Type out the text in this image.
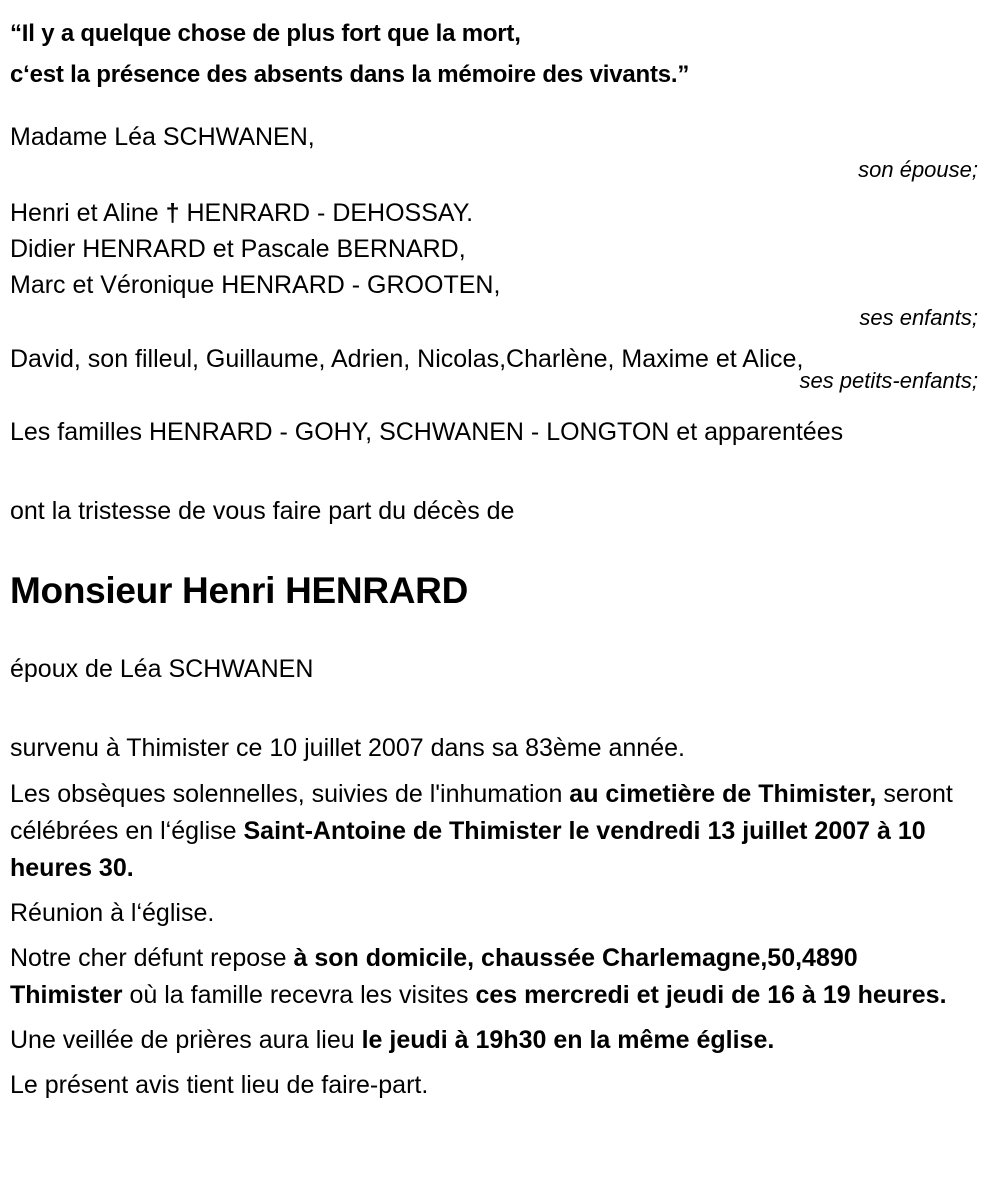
“Il y a quelque chose de plus fort que la mort,
c‘est la présence des absents dans la mémoire des vivants.”
Madame Léa SCHWANEN,
son épouse;
Henri et Aline † HENRARD - DEHOSSAY.
Didier HENRARD et Pascale BERNARD,
Marc et Véronique HENRARD - GROOTEN,
ses enfants;
David, son filleul, Guillaume, Adrien, Nicolas,Charlène, Maxime et Alice,
ses petits-enfants;
Les familles HENRARD - GOHY, SCHWANEN - LONGTON et apparentées
ont la tristesse de vous faire part du décès de
Monsieur Henri HENRARD
époux de Léa SCHWANEN

survenu à Thimister ce 10 juillet 2007 dans sa 83ème année.

Les obsèques solennelles, suivies de l'inhumation au cimetière de Thimister, seront célébrées en l‘église Saint-Antoine de Thimister le vendredi 13 juillet 2007 à 10 heures 30.

Réunion à l‘église.

Notre cher défunt repose à son domicile, chaussée Charlemagne,50,4890 Thimister où la famille recevra les visites ces mercredi et jeudi de 16 à 19 heures.

Une veillée de prières aura lieu le jeudi à 19h30 en la même église.

Le présent avis tient lieu de faire-part.
